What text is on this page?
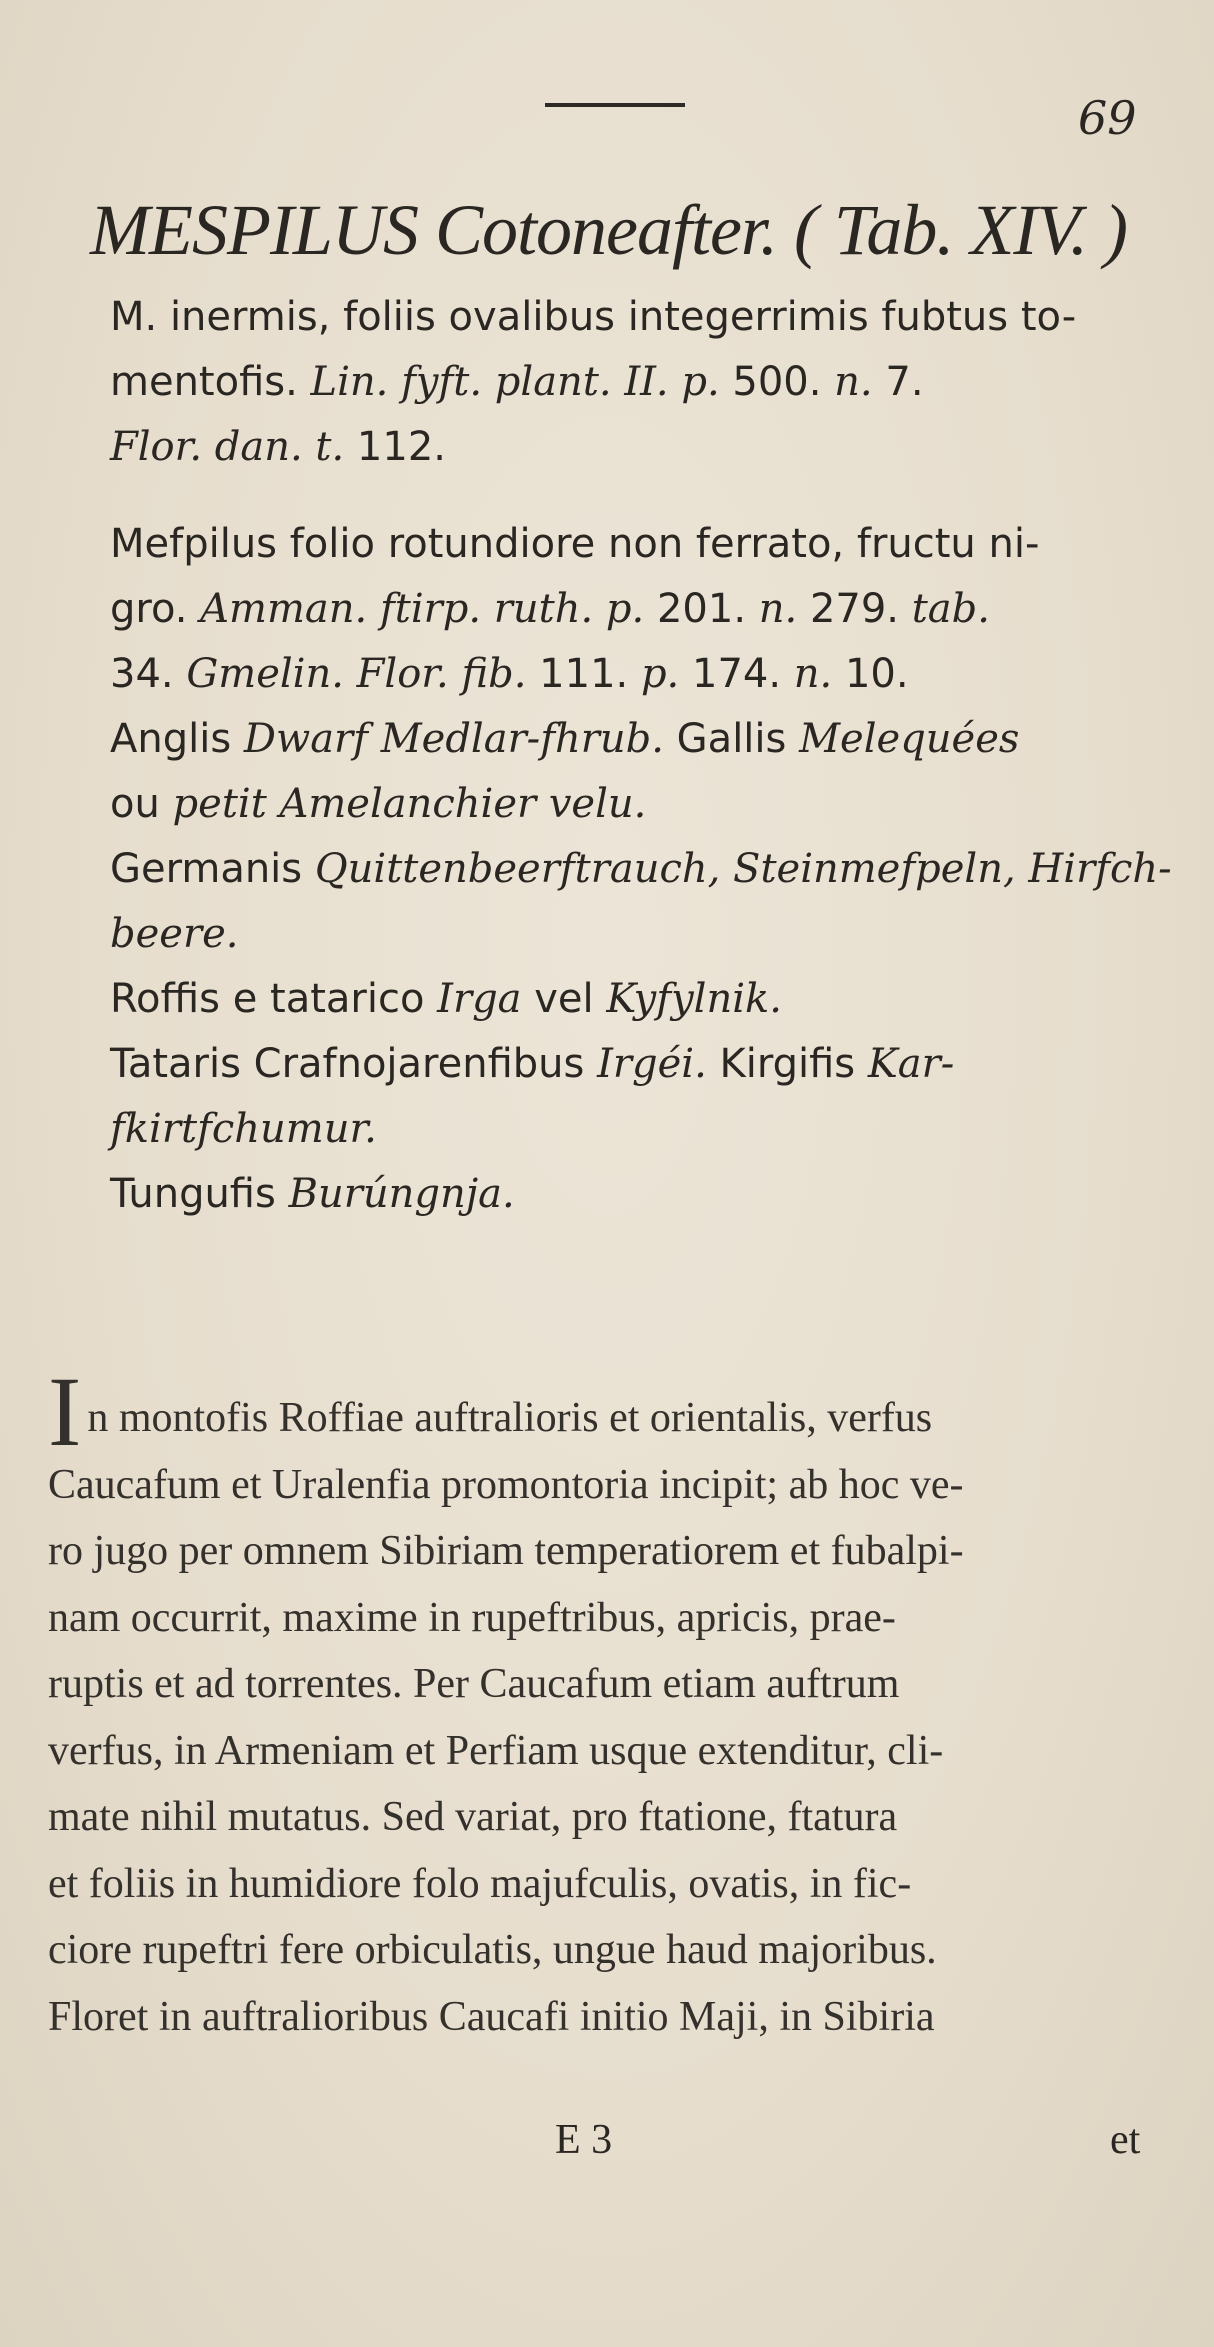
69
MESPILUS Cotoneafter. ( Tab. XIV. )
M. inermis, foliis ovalibus integerrimis fubtus to-
mentofis. Lin. fyft. plant. II. p. 500. n. 7.
Flor. dan. t. 112.
Mefpilus folio rotundiore non ferrato, fructu ni-
gro. Amman. ftirp. ruth. p. 201. n. 279. tab.
34. Gmelin. Flor. fib. 111. p. 174. n. 10.
Anglis Dwarf Medlar-fhrub. Gallis Melequées
ou petit Amelanchier velu.
Germanis Quittenbeerftrauch, Steinmefpeln, Hirfch-
beere.
Roffis e tatarico Irga vel Kyfylnik.
Tataris Crafnojarenfibus Irgéi. Kirgifis Kar-
fkirtfchumur.
Tungufis Burúngnja.
In montofis Roffiae auftralioris et orientalis, verfus
Caucafum et Uralenfia promontoria incipit; ab hoc ve-
ro jugo per omnem Sibiriam temperatiorem et fubalpi-
nam occurrit, maxime in rupeftribus, apricis, prae-
ruptis et ad torrentes. Per Caucafum etiam auftrum
verfus, in Armeniam et Perfiam usque extenditur, cli-
mate nihil mutatus. Sed variat, pro ftatione, ftatura
et foliis in humidiore folo majufculis, ovatis, in fic-
ciore rupeftri fere orbiculatis, ungue haud majoribus.
Floret in auftralioribus Caucafi initio Maji, in Sibiria
E 3	et
